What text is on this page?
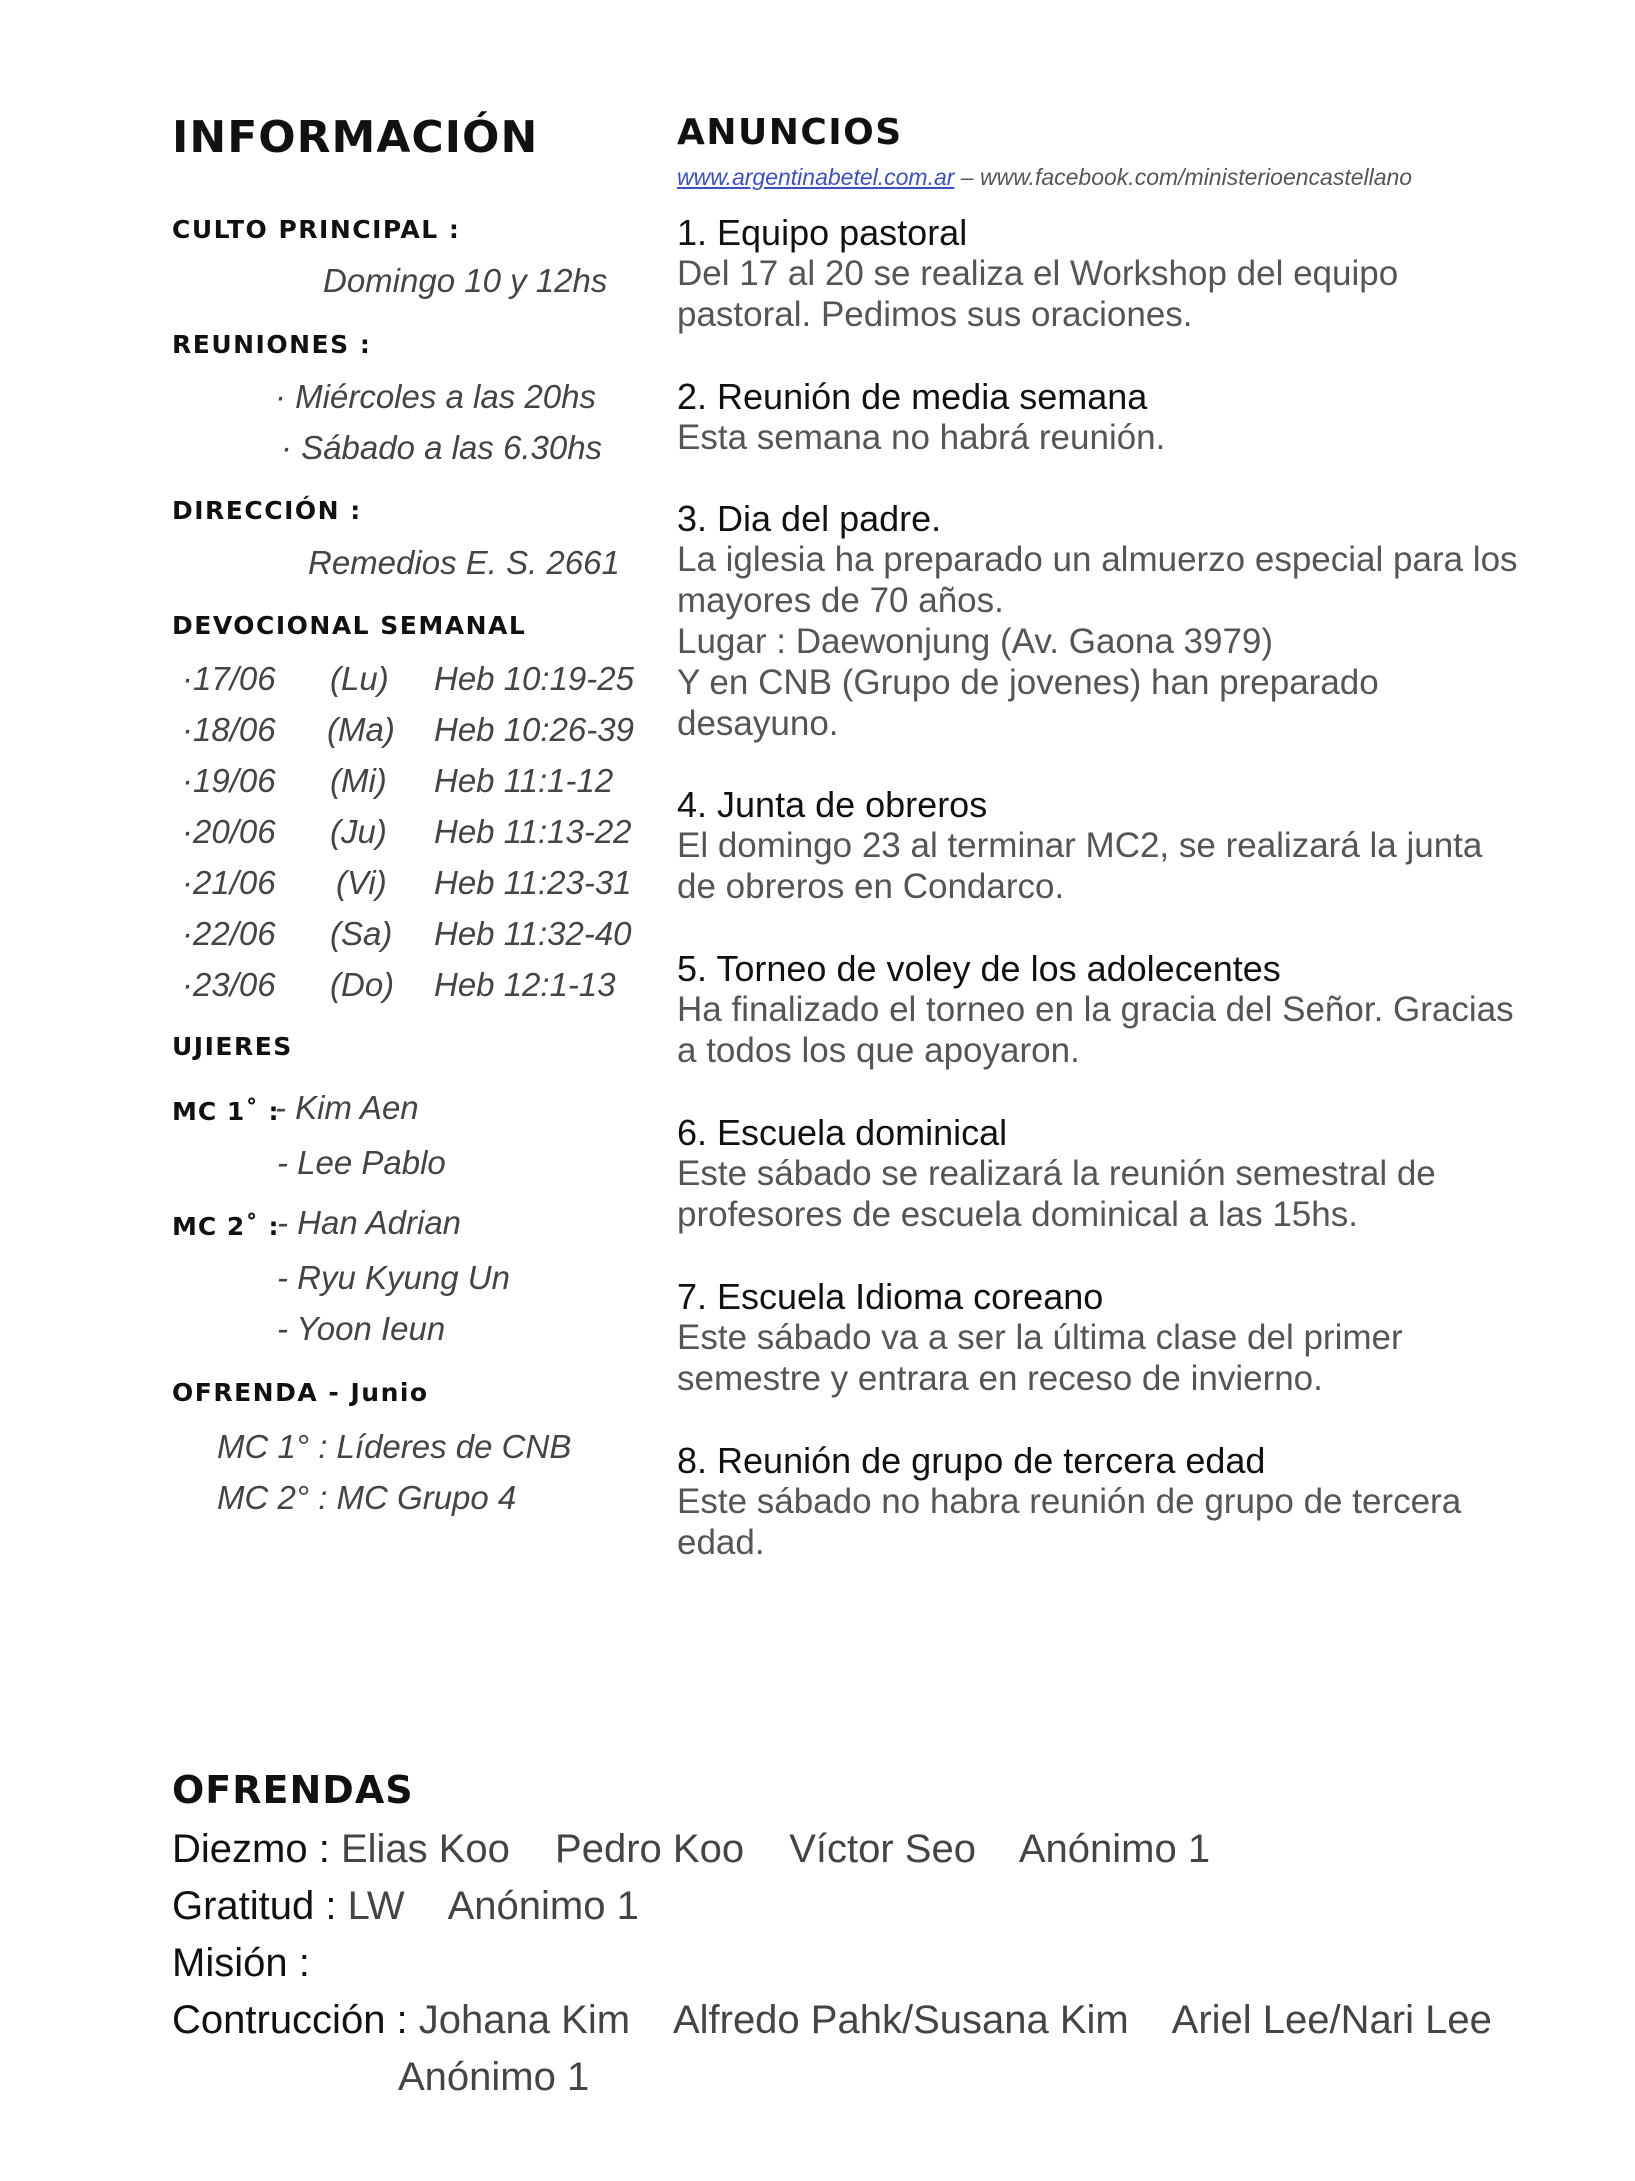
INFORMACIÓN
CULTO PRINCIPAL :
Domingo 10 y 12hs
REUNIONES :
· Miércoles a las 20hs
· Sábado a las 6.30hs
DIRECCIÓN :
Remedios E. S. 2661
DEVOCIONAL SEMANAL
·17/06 (Lu) Heb 10:19-25
·18/06 (Ma) Heb 10:26-39
·19/06 (Mi) Heb 11:1-12
·20/06 (Ju) Heb 11:13-22
·21/06 (Vi) Heb 11:23-31
·22/06 (Sa) Heb 11:32-40
·23/06 (Do) Heb 12:1-13
UJIERES
MC 1˚ :
- Kim Aen
- Lee Pablo
MC 2˚ :
- Han Adrian
- Ryu Kyung Un
- Yoon Ieun
OFRENDA - Junio
MC 1° : Líderes de CNB
MC 2° : MC Grupo 4
ANUNCIOS
www.argentinabetel.com.ar – www.facebook.com/ministerioencastellano
1. Equipo pastoral
Del 17 al 20 se realiza el Workshop del equipo
pastoral. Pedimos sus oraciones.
2. Reunión de media semana
Esta semana no habrá reunión.
3. Dia del padre.
La iglesia ha preparado un almuerzo especial para los
mayores de 70 años.
Lugar : Daewonjung (Av. Gaona 3979)
Y en CNB (Grupo de jovenes) han preparado
desayuno.
4. Junta de obreros
El domingo 23 al terminar MC2, se realizará la junta
de obreros en Condarco.
5. Torneo de voley de los adolecentes
Ha finalizado el torneo en la gracia del Señor. Gracias
a todos los que apoyaron.
6. Escuela dominical
Este sábado se realizará la reunión semestral de
profesores de escuela dominical a las 15hs.
7. Escuela Idioma coreano
Este sábado va a ser la última clase del primer
semestre y entrara en receso de invierno.
8. Reunión de grupo de tercera edad
Este sábado no habra reunión de grupo de tercera
edad.
OFRENDAS
Diezmo : Elias Koo Pedro Koo Víctor Seo Anónimo 1
Gratitud : LW Anónimo 1
Misión :
Contrucción : Johana Kim Alfredo Pahk/Susana Kim Ariel Lee/Nari Lee
Anónimo 1
